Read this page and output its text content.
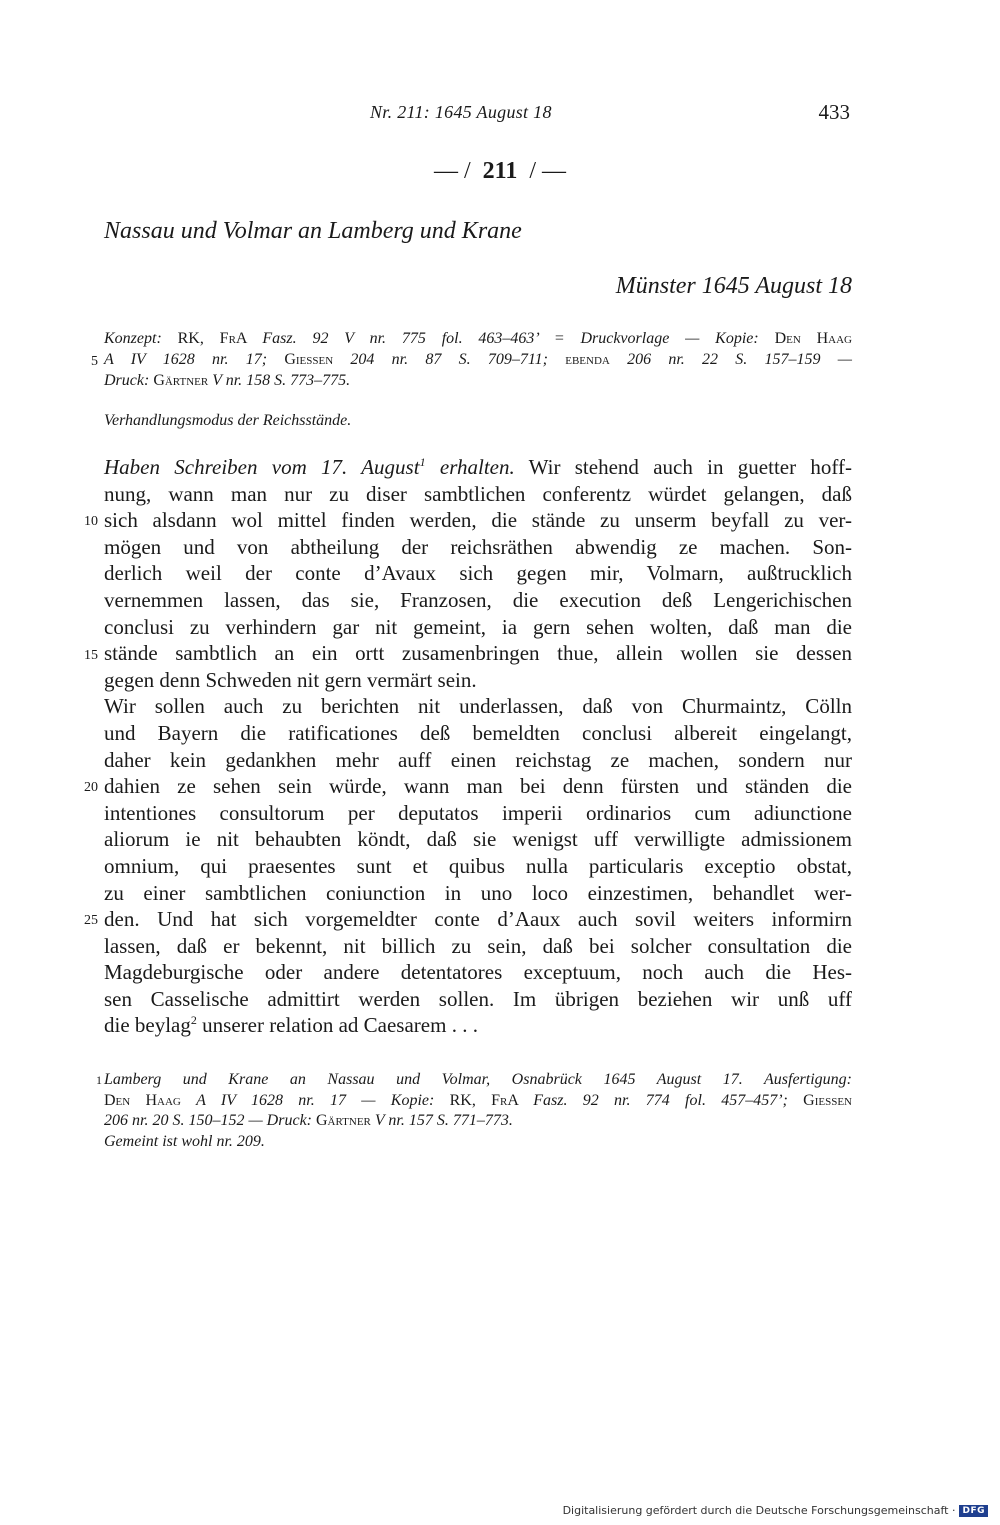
Nr. 211: 1645 August 18	433
— / 211 / —
Nassau und Volmar an Lamberg und Krane
Münster 1645 August 18
Konzept: RK, FrA Fasz. 92 V nr. 775 fol. 463–463’ = Druckvorlage — Kopie: Den Haag
A IV 1628 nr. 17; Giessen 204 nr. 87 S. 709–711; ebenda 206 nr. 22 S. 157–159 —
Druck: Gärtner V nr. 158 S. 773–775.
Verhandlungsmodus der Reichsstände.
5
10
15
20
25
Haben Schreiben vom 17. August$^1$ erhalten. Wir stehend auch in guetter hoff-
nung, wann man nur zu diser sambtlichen conferentz würdet gelangen, daß
sich alsdann wol mittel finden werden, die stände zu unserm beyfall zu ver-
mögen und von abtheilung der reichsräthen abwendig ze machen. Son-
derlich weil der conte d’Avaux sich gegen mir, Volmarn, außtrucklich
vernemmen lassen, das sie, Franzosen, die execution deß Lengerichischen
conclusi zu verhindern gar nit gemeint, ia gern sehen wolten, daß man die
stände sambtlich an ein ortt zusamenbringen thue, allein wollen sie dessen
gegen denn Schweden nit gern vermärt sein.
Wir sollen auch zu berichten nit underlassen, daß von Churmaintz, Cölln
und Bayern die ratificationes deß bemeldten conclusi albereit eingelangt,
daher kein gedankhen mehr auff einen reichstag ze machen, sondern nur
dahien ze sehen sein würde, wann man bei denn fürsten und ständen die
intentiones consultorum per deputatos imperii ordinarios cum adiunctione
aliorum ie nit behaubten köndt, daß sie wenigst uff verwilligte admissionem
omnium, qui praesentes sunt et quibus nulla particularis exceptio obstat,
zu einer sambtlichen coniunction in uno loco einzestimen, behandlet wer-
den. Und hat sich vorgemeldter conte d’Aaux auch sovil weiters informirn
lassen, daß er bekennt, nit billich zu sein, daß bei solcher consultation die
Magdeburgische oder andere detentatores exceptuum, noch auch die Hes-
sen Casselische admittirt werden sollen. Im übrigen beziehen wir unß uff
die beylag$^2$ unserer relation ad Caesarem . . .
1 Lamberg und Krane an Nassau und Volmar, Osnabrück 1645 August 17. Ausfertigung:
Den Haag A IV 1628 nr. 17 — Kopie: RK, FrA Fasz. 92 nr. 774 fol. 457–457’; Giessen
206 nr. 20 S. 150–152 — Druck: Gärtner V nr. 157 S. 771–773.
Gemeint ist wohl nr. 209.
Digitalisierung gefördert durch die Deutsche Forschungsgemeinschaft · DFG
